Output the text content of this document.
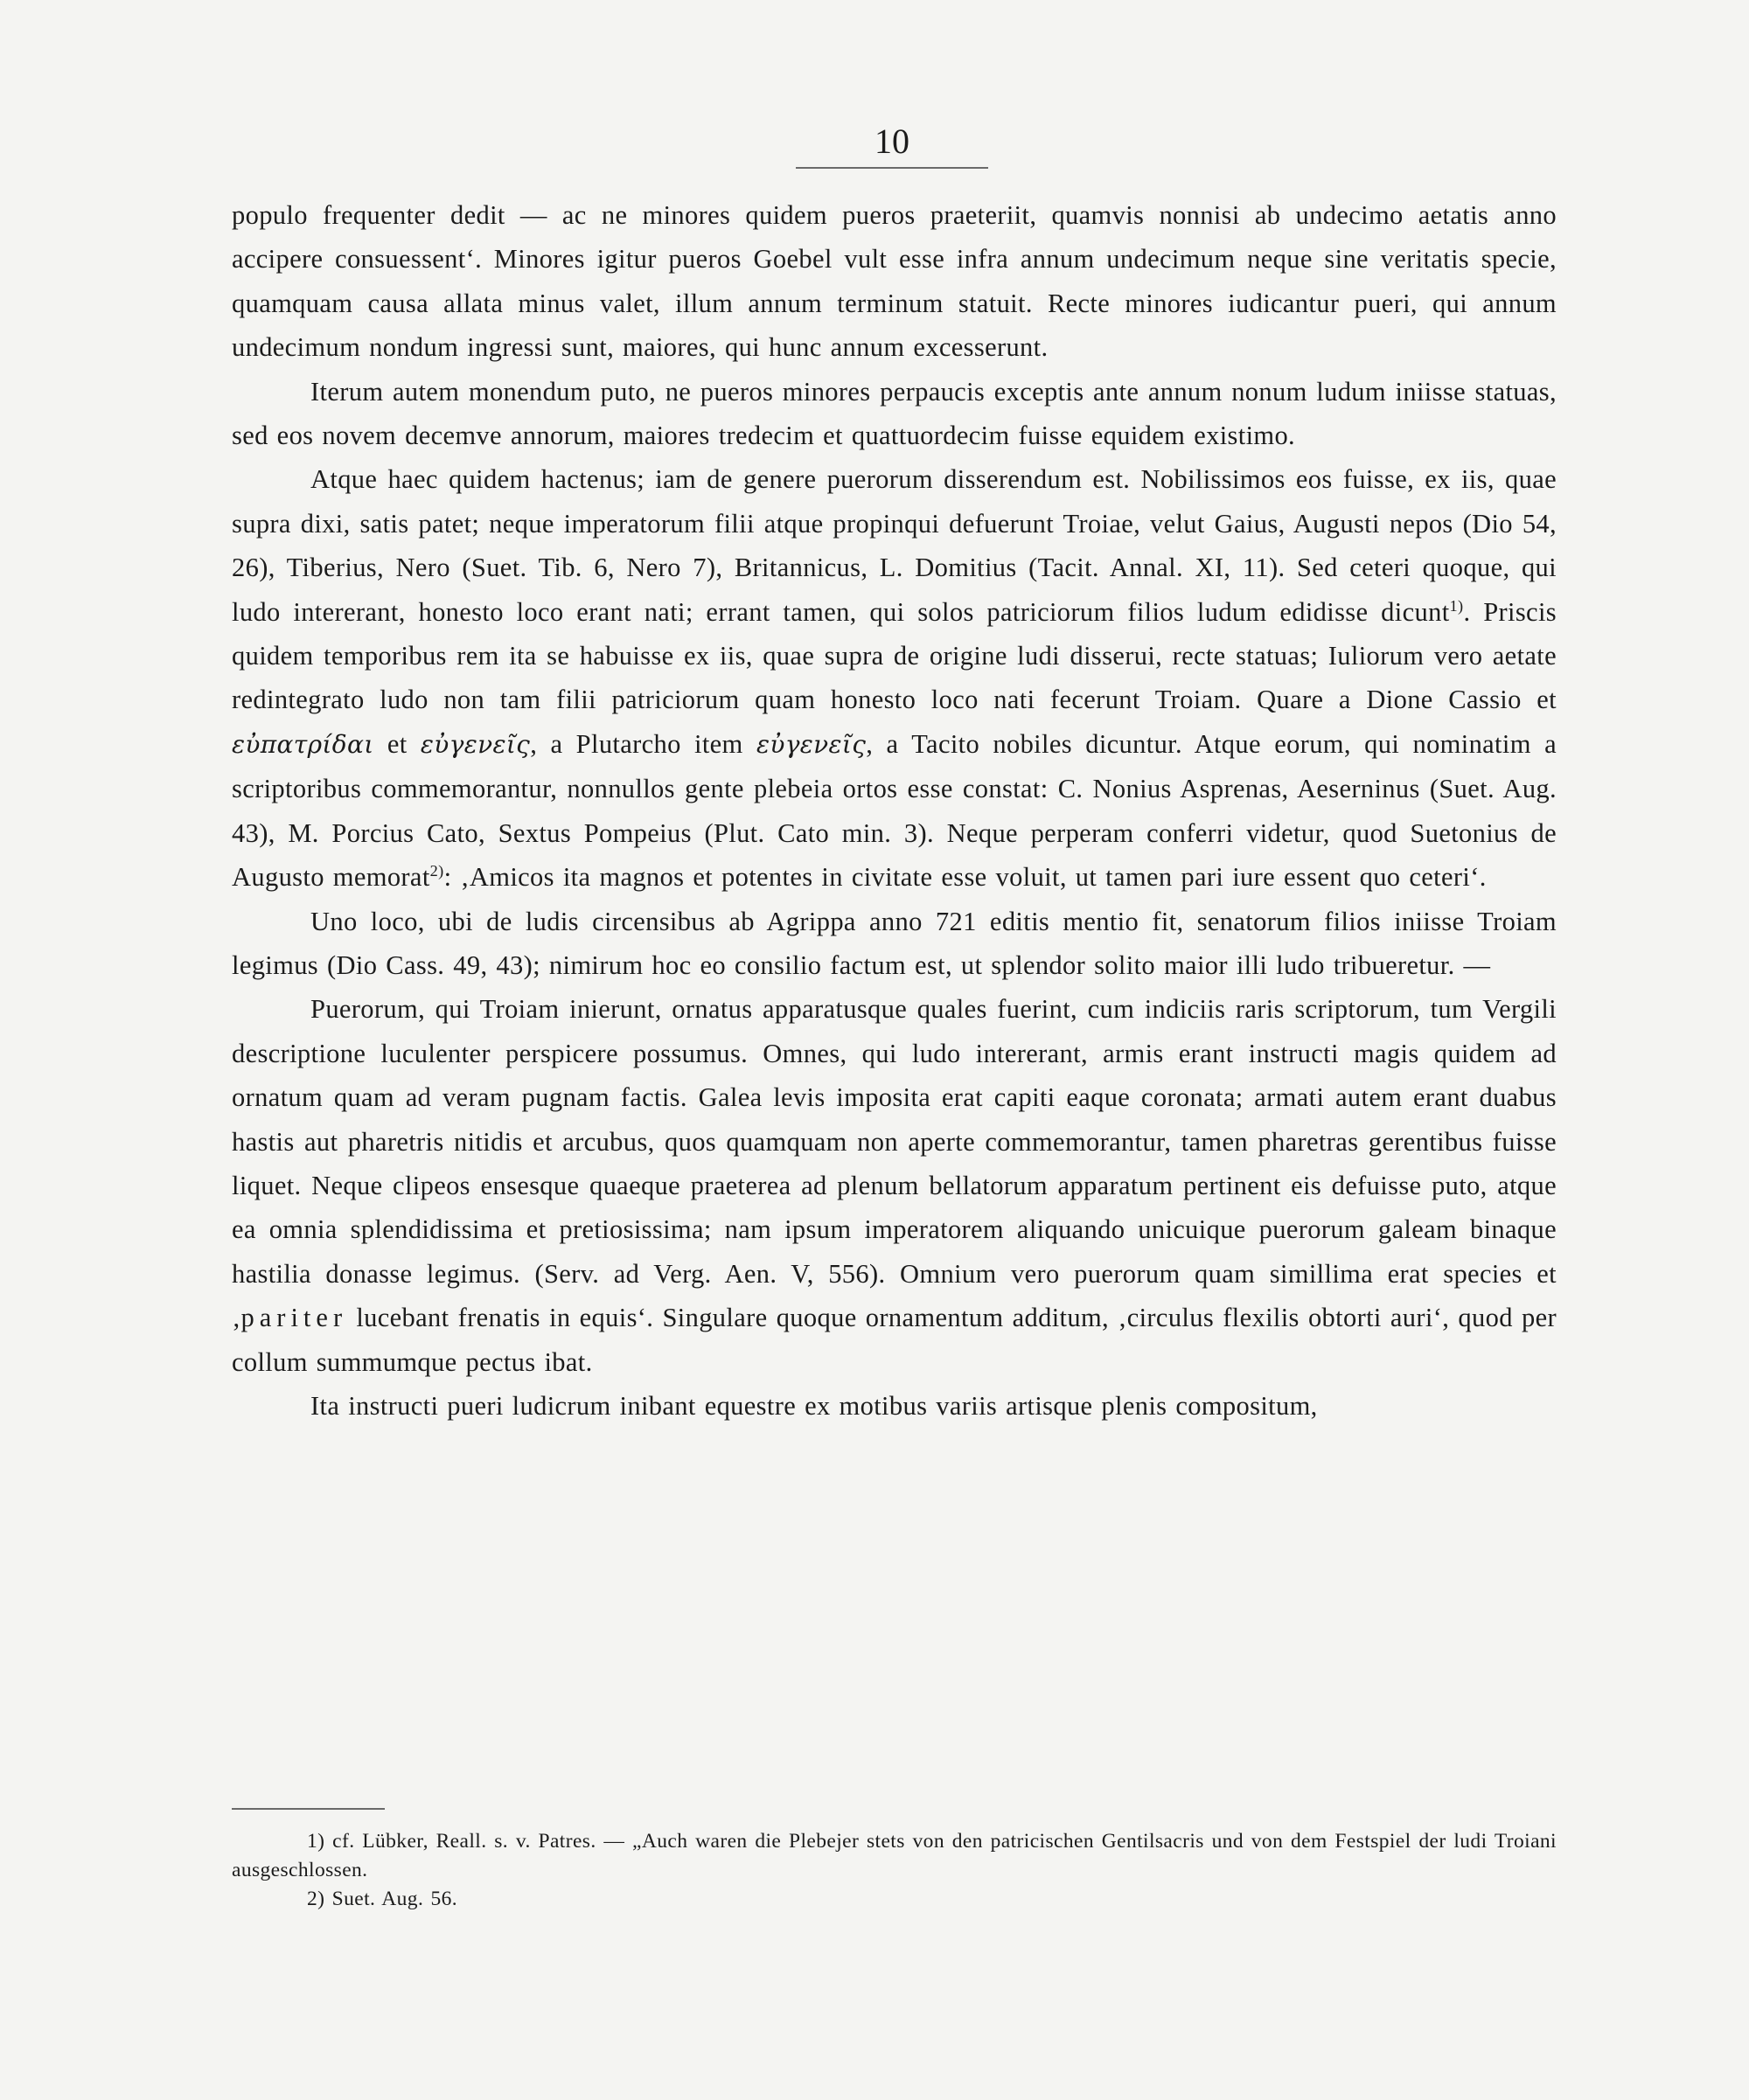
10

populo frequenter dedit — ac ne minores quidem pueros praeteriit, quamvis nonnisi ab undecimo aetatis anno accipere consuessent‘. Minores igitur pueros Goebel vult esse infra annum undecimum neque sine veritatis specie, quamquam causa allata minus valet, illum annum terminum statuit. Recte minores iudicantur pueri, qui annum undecimum nondum ingressi sunt, maiores, qui hunc annum excesserunt.

Iterum autem monendum puto, ne pueros minores perpaucis exceptis ante annum nonum ludum iniisse statuas, sed eos novem decemve annorum, maiores tredecim et quattuordecim fuisse equidem existimo.

Atque haec quidem hactenus; iam de genere puerorum disserendum est. Nobilissimos eos fuisse, ex iis, quae supra dixi, satis patet; neque imperatorum filii atque propinqui defuerunt Troiae, velut Gaius, Augusti nepos (Dio 54, 26), Tiberius, Nero (Suet. Tib. 6, Nero 7), Britannicus, L. Domitius (Tacit. Annal. XI, 11). Sed ceteri quoque, qui ludo intererant, honesto loco erant nati; errant tamen, qui solos patriciorum filios ludum edidisse dicunt$^{1)}$. Priscis quidem temporibus rem ita se habuisse ex iis, quae supra de origine ludi disserui, recte statuas; Iuliorum vero aetate redintegrato ludo non tam filii patriciorum quam honesto loco nati fecerunt Troiam. Quare a Dione Cassio et εὐπατρίδαι et εὐγενεῖς, a Plutarcho item εὐγενεῖς, a Tacito nobiles dicuntur. Atque eorum, qui nominatim a scriptoribus commemorantur, nonnullos gente plebeia ortos esse constat: C. Nonius Asprenas, Aeserninus (Suet. Aug. 43), M. Porcius Cato, Sextus Pompeius (Plut. Cato min. 3). Neque perperam conferri videtur, quod Suetonius de Augusto memorat$^{2)}$: ‚Amicos ita magnos et potentes in civitate esse voluit, ut tamen pari iure essent quo ceteri‘.

Uno loco, ubi de ludis circensibus ab Agrippa anno 721 editis mentio fit, senatorum filios iniisse Troiam legimus (Dio Cass. 49, 43); nimirum hoc eo consilio factum est, ut splendor solito maior illi ludo tribueretur. —

Puerorum, qui Troiam inierunt, ornatus apparatusque quales fuerint, cum indiciis raris scriptorum, tum Vergili descriptione luculenter perspicere possumus. Omnes, qui ludo intererant, armis erant instructi magis quidem ad ornatum quam ad veram pugnam factis. Galea levis imposita erat capiti eaque coronata; armati autem erant duabus hastis aut pharetris nitidis et arcubus, quos quamquam non aperte commemorantur, tamen pharetras gerentibus fuisse liquet. Neque clipeos ensesque quaeque praeterea ad plenum bellatorum apparatum pertinent eis defuisse puto, atque ea omnia splendidissima et pretiosissima; nam ipsum imperatorem aliquando unicuique puerorum galeam binaque hastilia donasse legimus. (Serv. ad Verg. Aen. V, 556). Omnium vero puerorum quam simillima erat species et ‚pariter lucebant frenatis in equis‘. Singulare quoque ornamentum additum, ‚circulus flexilis obtorti auri‘, quod per collum summumque pectus ibat.

Ita instructi pueri ludicrum inibant equestre ex motibus variis artisque plenis compositum,

1) cf. Lübker, Reall. s. v. Patres. — „Auch waren die Plebejer stets von den patricischen Gentilsacris und von dem Festspiel der ludi Troiani ausgeschlossen.

2) Suet. Aug. 56.
